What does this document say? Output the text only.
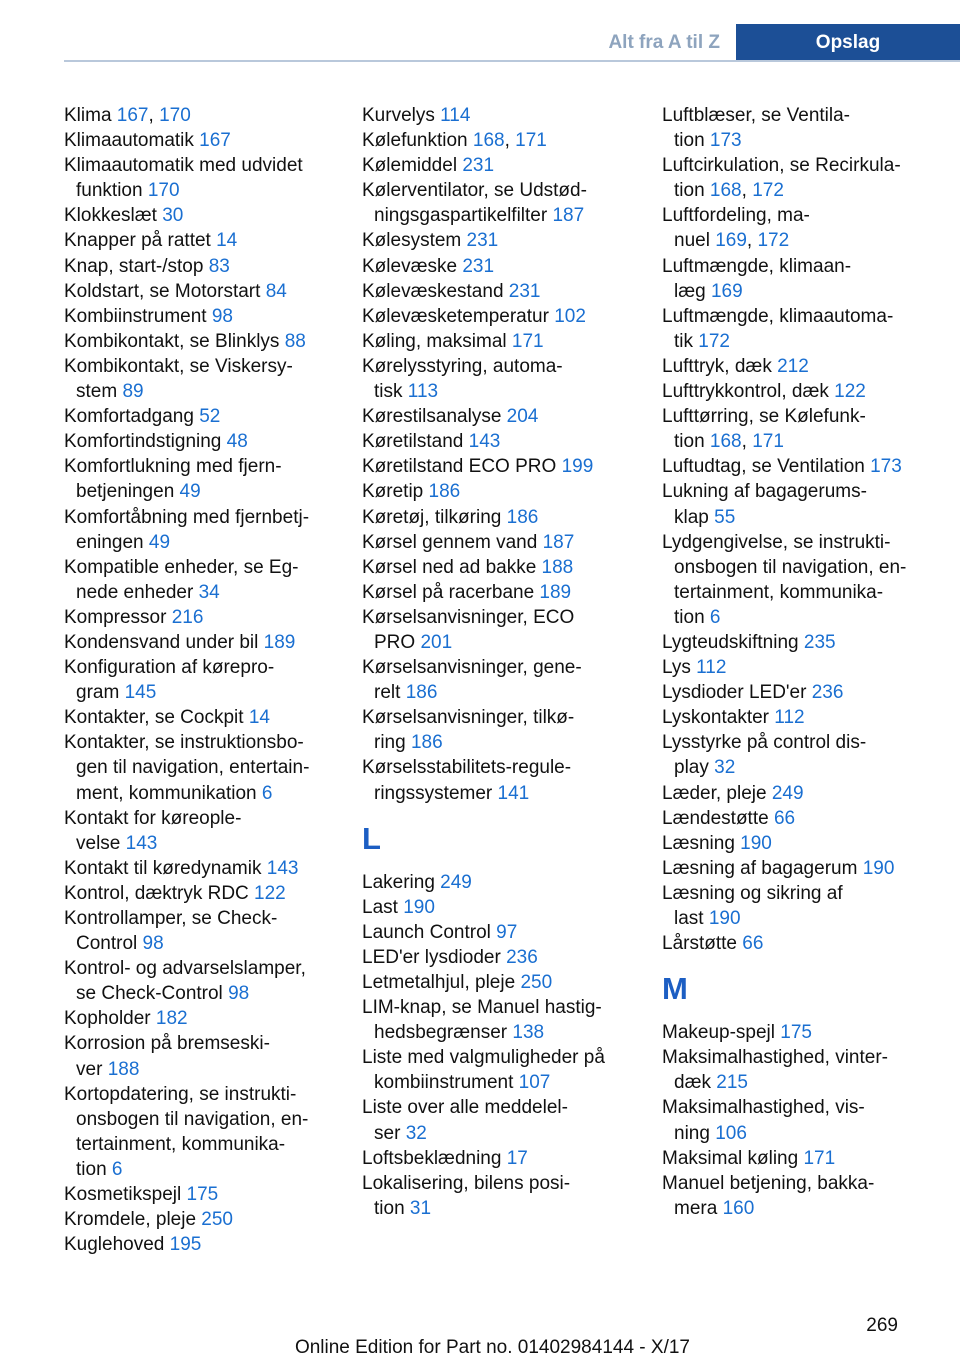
Alt fra A til Z	Opslag
Klima 167, 170
Klimaautomatik 167
Klimaautomatik med udvidet
funktion 170
Klokkeslæt 30
Knapper på rattet 14
Knap, start-/stop 83
Koldstart, se Motorstart 84
Kombiinstrument 98
Kombikontakt, se Blinklys 88
Kombikontakt, se Viskersy-
stem 89
Komfortadgang 52
Komfortindstigning 48
Komfortlukning med fjern-
betjeningen 49
Komfortåbning med fjernbetj-
eningen 49
Kompatible enheder, se Eg-
nede enheder 34
Kompressor 216
Kondensvand under bil 189
Konfiguration af kørepro-
gram 145
Kontakter, se Cockpit 14
Kontakter, se instruktionsbo-
gen til navigation, entertain-
ment, kommunikation 6
Kontakt for køreople-
velse 143
Kontakt til køredynamik 143
Kontrol, dæktryk RDC 122
Kontrollamper, se Check-
Control 98
Kontrol- og advarselslamper,
se Check-Control 98
Kopholder 182
Korrosion på bremseski-
ver 188
Kortopdatering, se instrukti-
onsbogen til navigation, en-
tertainment, kommunika-
tion 6
Kosmetikspejl 175
Kromdele, pleje 250
Kuglehoved 195
Kurvelys 114
Kølefunktion 168, 171
Kølemiddel 231
Kølerventilator, se Udstød-
ningsgaspartikelfilter 187
Kølesystem 231
Kølevæske 231
Kølevæskestand 231
Kølevæsketemperatur 102
Køling, maksimal 171
Kørelysstyring, automa-
tisk 113
Kørestilsanalyse 204
Køretilstand 143
Køretilstand ECO PRO 199
Køretip 186
Køretøj, tilkøring 186
Kørsel gennem vand 187
Kørsel ned ad bakke 188
Kørsel på racerbane 189
Kørselsanvisninger, ECO
PRO 201
Kørselsanvisninger, gene-
relt 186
Kørselsanvisninger, tilkø-
ring 186
Kørselsstabilitets-regule-
ringssystemer 141
L
Lakering 249
Last 190
Launch Control 97
LED'er lysdioder 236
Letmetalhjul, pleje 250
LIM-knap, se Manuel hastig-
hedsbegrænser 138
Liste med valgmuligheder på
kombiinstrument 107
Liste over alle meddelel-
ser 32
Loftsbeklædning 17
Lokalisering, bilens posi-
tion 31
Luftblæser, se Ventila-
tion 173
Luftcirkulation, se Recirkula-
tion 168, 172
Luftfordeling, ma-
nuel 169, 172
Luftmængde, klimaan-
læg 169
Luftmængde, klimaautoma-
tik 172
Lufttryk, dæk 212
Lufttrykkontrol, dæk 122
Lufttørring, se Kølefunk-
tion 168, 171
Luftudtag, se Ventilation 173
Lukning af bagagerums-
klap 55
Lydgengivelse, se instrukti-
onsbogen til navigation, en-
tertainment, kommunika-
tion 6
Lygteudskiftning 235
Lys 112
Lysdioder LED'er 236
Lyskontakter 112
Lysstyrke på control dis-
play 32
Læder, pleje 249
Lændestøtte 66
Læsning 190
Læsning af bagagerum 190
Læsning og sikring af
last 190
Lårstøtte 66
M
Makeup-spejl 175
Maksimalhastighed, vinter-
dæk 215
Maksimalhastighed, vis-
ning 106
Maksimal køling 171
Manuel betjening, bakka-
mera 160
269
Online Edition for Part no. 01402984144 - X/17
